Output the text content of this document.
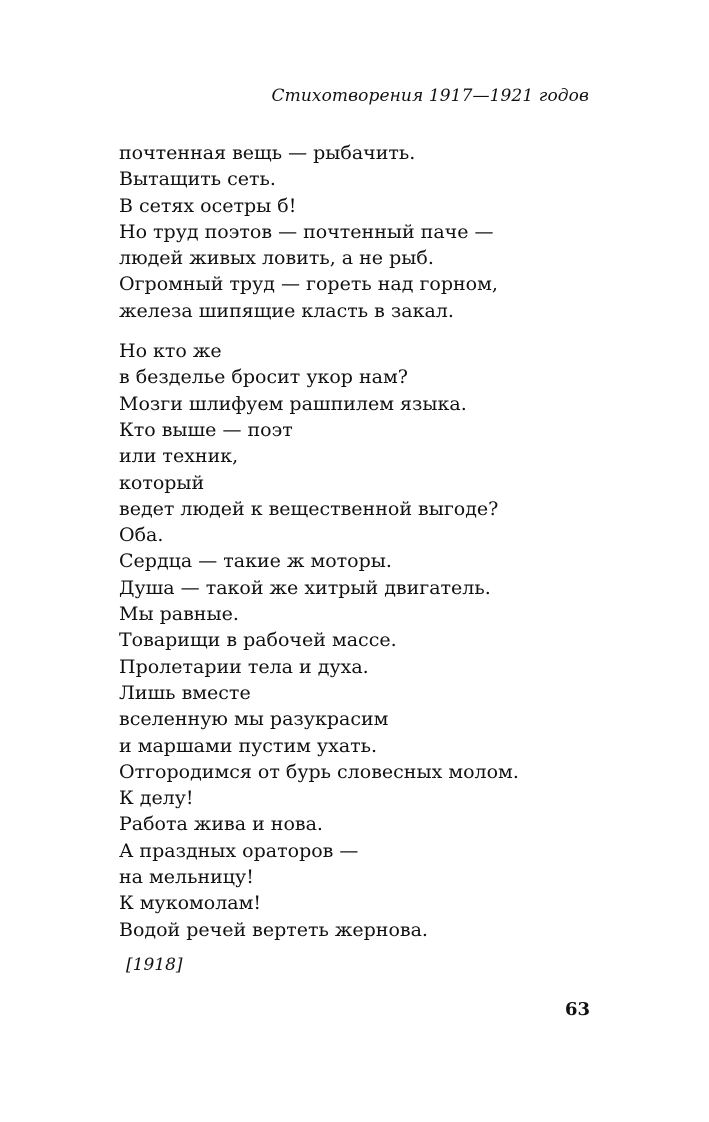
Стихотворения 1917—1921 годов
почтенная вещь — рыбачить.
Вытащить сеть.
В сетях осетры б!
Но труд поэтов — почтенный паче —
людей живых ловить, а не рыб.
Огромный труд — гореть над горном,
железа шипящие класть в закал.
Но кто же
в безделье бросит укор нам?
Мозги шлифуем рашпилем языка.
Кто выше — поэт
или техник,
который
ведет людей к вещественной выгоде?
Оба.
Сердца — такие ж моторы.
Душа — такой же хитрый двигатель.
Мы равные.
Товарищи в рабочей массе.
Пролетарии тела и духа.
Лишь вместе
вселенную мы разукрасим
и маршами пустим ухать.
Отгородимся от бурь словесных молом.
К делу!
Работа жива и нова.
А праздных ораторов —
на мельницу!
К мукомолам!
Водой речей вертеть жернова.
[1918]
63
